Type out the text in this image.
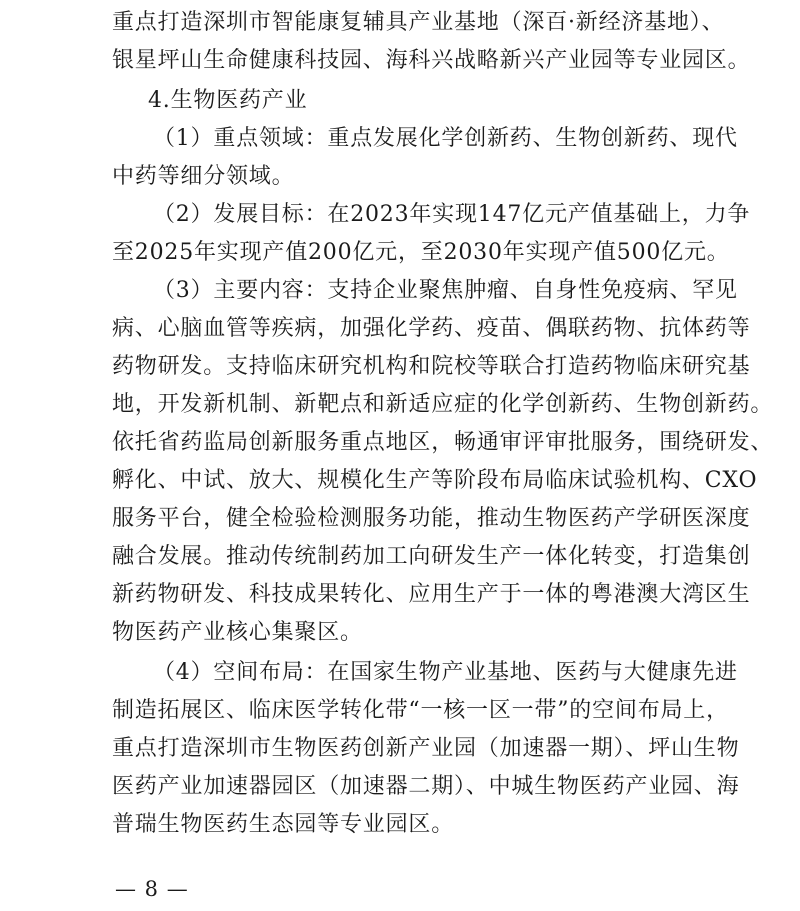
重点打造深圳市智能康复辅具产业基地（深百·新经济基地）、
银星坪山生命健康科技园、海科兴战略新兴产业园等专业园区。
4.生物医药产业
（1）重点领域：重点发展化学创新药、生物创新药、现代
中药等细分领域。
（2）发展目标：在2023年实现147亿元产值基础上，力争
至2025年实现产值200亿元，至2030年实现产值500亿元。
（3）主要内容：支持企业聚焦肿瘤、自身性免疫病、罕见
病、心脑血管等疾病，加强化学药、疫苗、偶联药物、抗体药等
药物研发。支持临床研究机构和院校等联合打造药物临床研究基
地，开发新机制、新靶点和新适应症的化学创新药、生物创新药。
依托省药监局创新服务重点地区，畅通审评审批服务，围绕研发、
孵化、中试、放大、规模化生产等阶段布局临床试验机构、CXO
服务平台，健全检验检测服务功能，推动生物医药产学研医深度
融合发展。推动传统制药加工向研发生产一体化转变，打造集创
新药物研发、科技成果转化、应用生产于一体的粤港澳大湾区生
物医药产业核心集聚区。
（4）空间布局：在国家生物产业基地、医药与大健康先进
制造拓展区、临床医学转化带“一核一区一带”的空间布局上，
重点打造深圳市生物医药创新产业园（加速器一期）、坪山生物
医药产业加速器园区（加速器二期）、中城生物医药产业园、海
普瑞生物医药生态园等专业园区。
— 8 —
